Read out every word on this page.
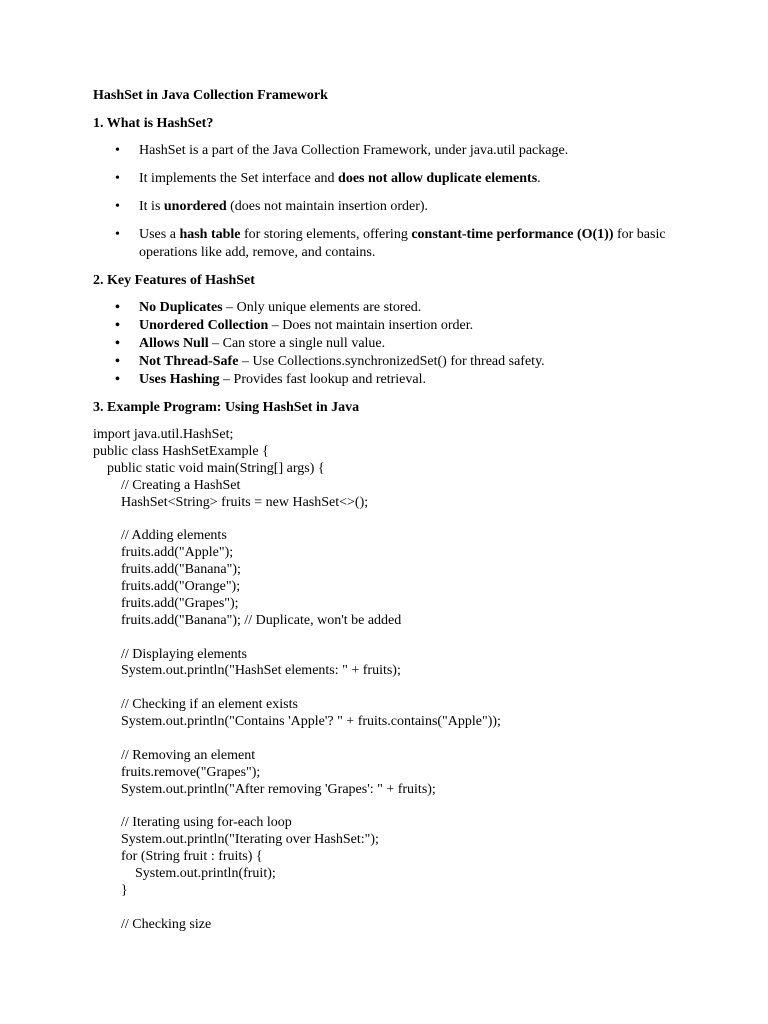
HashSet in Java Collection Framework
1. What is HashSet?
• HashSet is a part of the Java Collection Framework, under java.util package.
• It implements the Set interface and does not allow duplicate elements.
• It is unordered (does not maintain insertion order).
• Uses a hash table for storing elements, offering constant-time performance (O(1)) for basic operations like add, remove, and contains.
2. Key Features of HashSet
• No Duplicates – Only unique elements are stored.
• Unordered Collection – Does not maintain insertion order.
• Allows Null – Can store a single null value.
• Not Thread-Safe – Use Collections.synchronizedSet() for thread safety.
• Uses Hashing – Provides fast lookup and retrieval.
3. Example Program: Using HashSet in Java
import java.util.HashSet;
public class HashSetExample {
public static void main(String[] args) {
// Creating a HashSet
HashSet<String> fruits = new HashSet<>();
// Adding elements
fruits.add("Apple");
fruits.add("Banana");
fruits.add("Orange");
fruits.add("Grapes");
fruits.add("Banana"); // Duplicate, won't be added
// Displaying elements
System.out.println("HashSet elements: " + fruits);
// Checking if an element exists
System.out.println("Contains 'Apple'? " + fruits.contains("Apple"));
// Removing an element
fruits.remove("Grapes");
System.out.println("After removing 'Grapes': " + fruits);
// Iterating using for-each loop
System.out.println("Iterating over HashSet:");
for (String fruit : fruits) {
System.out.println(fruit);
}
// Checking size
